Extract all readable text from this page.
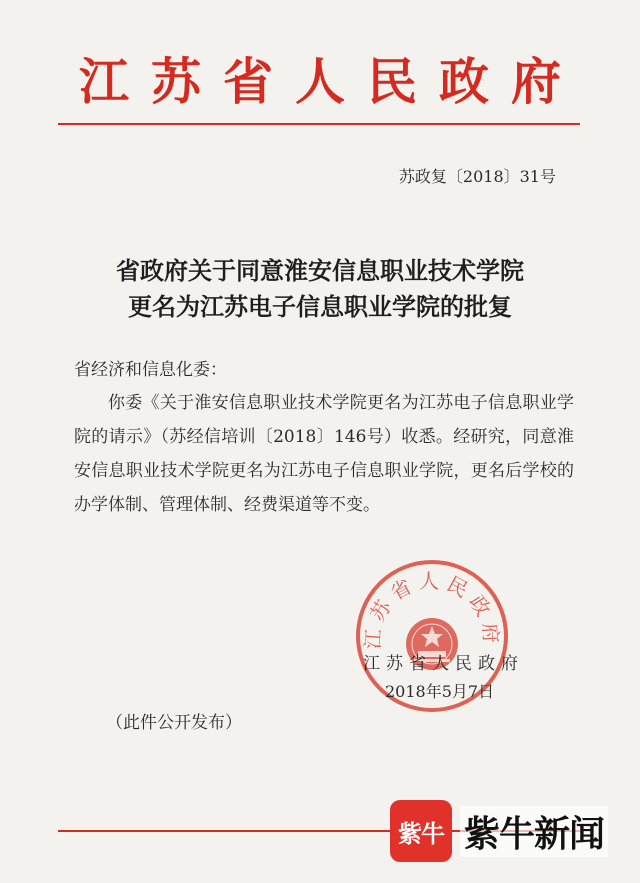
江苏省人民政府
苏政复〔2018〕31号
省政府关于同意淮安信息职业技术学院
更名为江苏电子信息职业学院的批复
省经济和信息化委：

你委《关于淮安信息职业技术学院更名为江苏电子信息职业学院的请示》（苏经信培训〔2018〕146号）收悉。经研究，同意淮安信息职业技术学院更名为江苏电子信息职业学院，更名后学校的办学体制、管理体制、经费渠道等不变。

江苏省人民政府
江苏省人民政府
2018年5月7日
（此件公开发布）
紫牛 紫牛新闻
